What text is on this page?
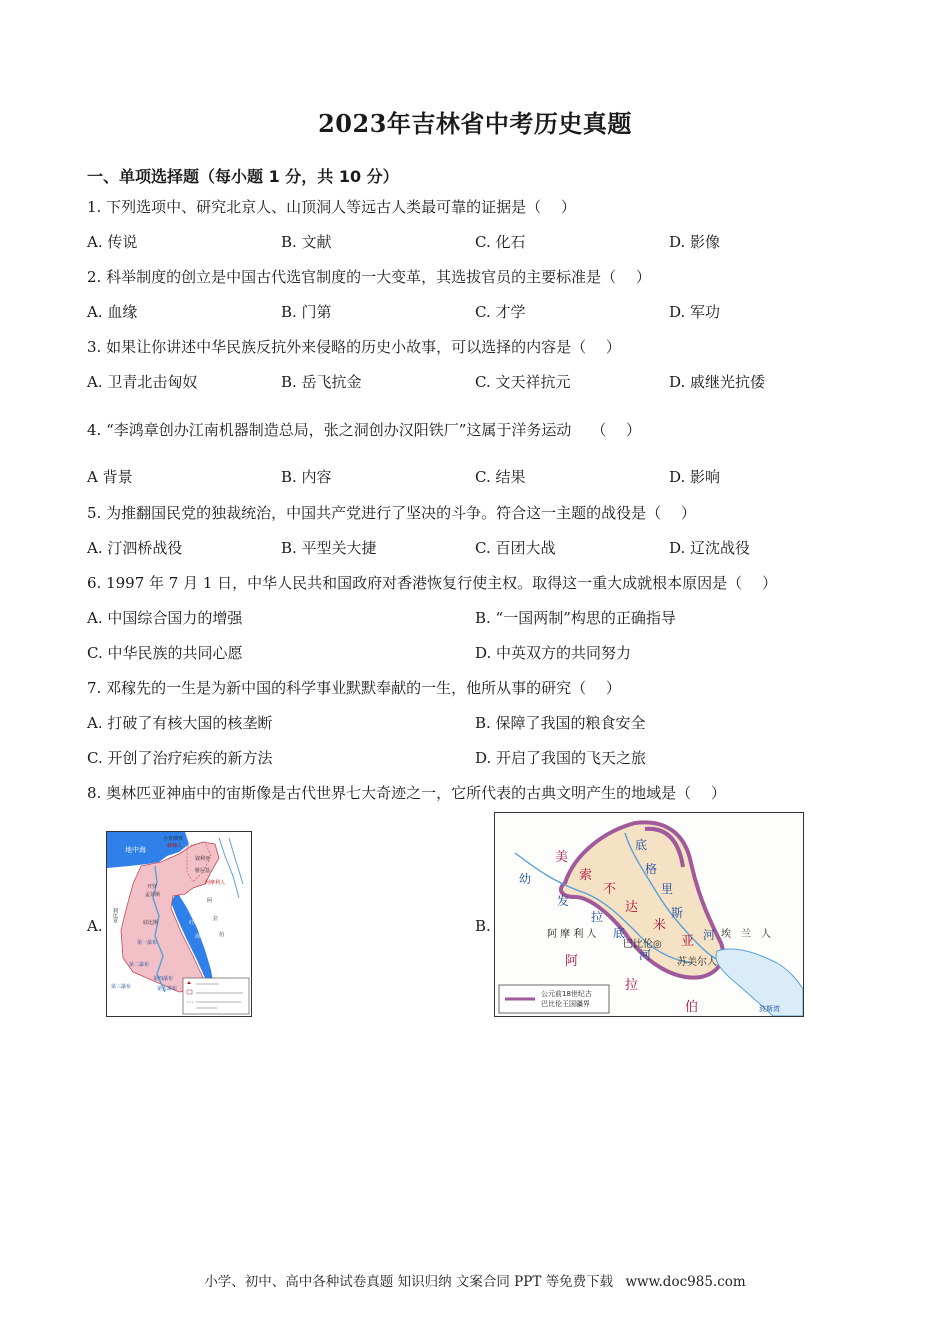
2023年吉林省中考历史真题
一、单项选择题（每小题 1 分，共 10 分）
1. 下列选项中、研究北京人、山顶洞人等远古人类最可靠的证据是（　 ）
A. 传说	B. 文献	C. 化石	D. 影像
2. 科举制度的创立是中国古代选官制度的一大变革，其选拔官员的主要标准是（　 ）
A. 血缘	B. 门第	C. 才学	D. 军功
3. 如果让你讲述中华民族反抗外来侵略的历史小故事，可以选择的内容是（　 ）
A. 卫青北击匈奴	B. 岳飞抗金	C. 文天祥抗元	D. 戚继光抗倭
4. “李鸿章创办江南机器制造总局，张之洞创办汉阳铁厂”这属于洋务运动　 （　 ）
A 背景	B. 内容	C. 结果	D. 影响
5. 为推翻国民党的独裁统治，中国共产党进行了坚决的斗争。符合这一主题的战役是（　 ）
A. 汀泗桥战役	B. 平型关大捷	C. 百团大战	D. 辽沈战役
6. 1997 年 7 月 1 日，中华人民共和国政府对香港恢复行使主权。取得这一重大成就根本原因是（　 ）
A. 中国综合国力的增强	B. “一国两制”构思的正确指导
C. 中华民族的共同心愿	D. 中英双方的共同努力
7. 邓稼先的一生是为新中国的科学事业默默奉献的一生，他所从事的研究（　 ）
A. 打破了有核大国的核垄断	B. 保障了我国的粮食安全
C. 开创了治疗疟疾的新方法	D. 开启了我国的飞天之旅
8. 奥林匹亚神庙中的宙斯像是古代世界七大奇迹之一，它所代表的古典文明产生的地域是（　 ）
A.	B.
小亚细亚
赫梯人
地中海
叙利亚
腓尼基
阿摩利人
开罗
孟菲斯
阿
拉
伯
利比亚	底比斯	红
海
第一瀑布
第二瀑布
第三瀑布
第四瀑布
第五瀑布
美
索
不
达
米
亚
底
格
里
斯
河
幼
发
拉
底
河
阿 摩 利 人
巴比伦◎
苏美尔人
埃　兰　人
阿
拉
伯	波斯湾
公元前18世纪古
巴比伦王国疆界
小学、初中、高中各种试卷真题 知识归纳 文案合同 PPT 等免费下载 www.doc985.com
